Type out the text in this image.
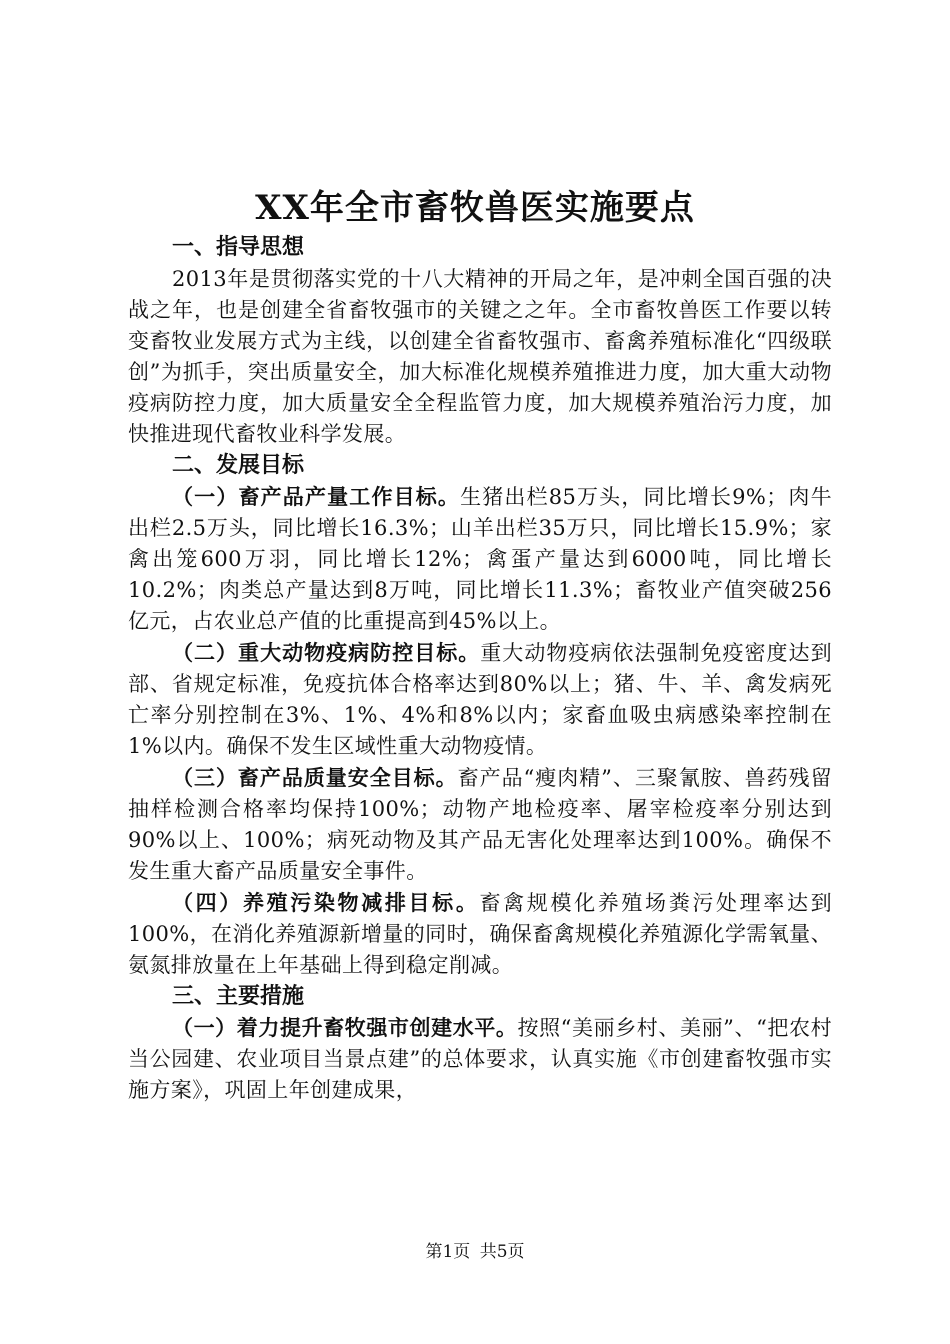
XX年全市畜牧兽医实施要点

一、指导思想

2013年是贯彻落实党的十八大精神的开局之年，是冲刺全国百强的决战之年，也是创建全省畜牧强市的关键之之年。全市畜牧兽医工作要以转变畜牧业发展方式为主线，以创建全省畜牧强市、畜禽养殖标准化“四级联创”为抓手，突出质量安全，加大标准化规模养殖推进力度，加大重大动物疫病防控力度，加大质量安全全程监管力度，加大规模养殖治污力度，加快推进现代畜牧业科学发展。

二、发展目标

（一）畜产品产量工作目标。生猪出栏85万头，同比增长9%；肉牛出栏2.5万头，同比增长16.3%；山羊出栏35万只，同比增长15.9%；家禽出笼600万羽，同比增长12%；禽蛋产量达到6000吨，同比增长10.2%；肉类总产量达到8万吨，同比增长11.3%；畜牧业产值突破256亿元，占农业总产值的比重提高到45%以上。

（二）重大动物疫病防控目标。重大动物疫病依法强制免疫密度达到部、省规定标准，免疫抗体合格率达到80%以上；猪、牛、羊、禽发病死亡率分别控制在3%、1%、4%和8%以内；家畜血吸虫病感染率控制在1%以内。确保不发生区域性重大动物疫情。

（三）畜产品质量安全目标。畜产品“瘦肉精”、三聚氰胺、兽药残留抽样检测合格率均保持100%；动物产地检疫率、屠宰检疫率分别达到90%以上、100%；病死动物及其产品无害化处理率达到100%。确保不发生重大畜产品质量安全事件。

（四）养殖污染物减排目标。畜禽规模化养殖场粪污处理率达到100%，在消化养殖源新增量的同时，确保畜禽规模化养殖源化学需氧量、氨氮排放量在上年基础上得到稳定削减。

三、主要措施

（一）着力提升畜牧强市创建水平。按照“美丽乡村、美丽”、“把农村当公园建、农业项目当景点建”的总体要求，认真实施《市创建畜牧强市实施方案》，巩固上年创建成果，

第1页 共5页
